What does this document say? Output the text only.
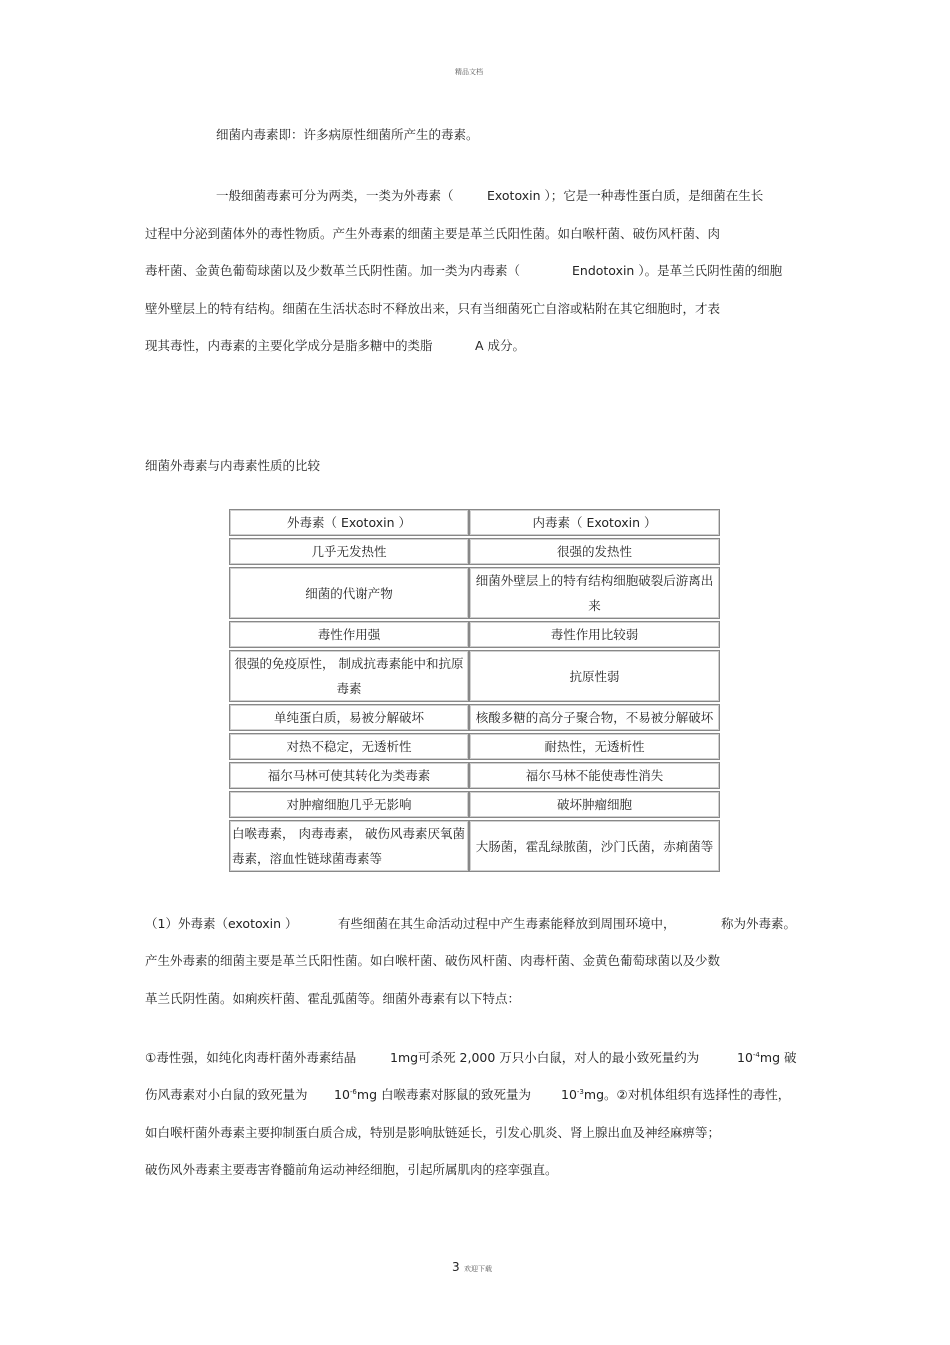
精品文档
细菌内毒素即：许多病原性细菌所产生的毒素。
一般细菌毒素可分为两类，一类为外毒素（	Exotoxin ）；它是一种毒性蛋白质，是细菌在生长
过程中分泌到菌体外的毒性物质。产生外毒素的细菌主要是革兰氏阳性菌。如白喉杆菌、破伤风杆菌、肉
毒杆菌、金黄色葡萄球菌以及少数革兰氏阴性菌。加一类为内毒素（	Endotoxin ）。是革兰氏阴性菌的细胞
壁外壁层上的特有结构。细菌在生活状态时不释放出来，只有当细菌死亡自溶或粘附在其它细胞时，才表
现其毒性，内毒素的主要化学成分是脂多糖中的类脂	A 成分。
细菌外毒素与内毒素性质的比较
外毒素（ Exotoxin ）	内毒素（ Exotoxin ）
几乎无发热性	很强的发热性
细菌的代谢产物	细菌外壁层上的特有结构细胞破裂后游离出来
毒性作用强	毒性作用比较弱
很强的免疫原性， 制成抗毒素能中和抗原毒素	抗原性弱
单纯蛋白质，易被分解破坏	核酸多糖的高分子聚合物，不易被分解破坏
对热不稳定，无透析性	耐热性，无透析性
福尔马林可使其转化为类毒素	福尔马林不能使毒性消失
对肿瘤细胞几乎无影响	破坏肿瘤细胞
白喉毒素， 肉毒毒素， 破伤风毒素厌氧菌毒素，溶血性链球菌毒素等	大肠菌，霍乱绿脓菌，沙门氏菌，赤痢菌等
（1）外毒素（exotoxin ）	有些细菌在其生命活动过程中产生毒素能释放到周围环境中，	称为外毒素。
产生外毒素的细菌主要是革兰氏阳性菌。如白喉杆菌、破伤风杆菌、肉毒杆菌、金黄色葡萄球菌以及少数
革兰氏阴性菌。如痢疾杆菌、霍乱弧菌等。细菌外毒素有以下特点：
①毒性强，如纯化肉毒杆菌外毒素结晶	1mg可杀死 2,000 万只小白鼠，对人的最小致死量约为	$10^{-4}mg$ 破
伤风毒素对小白鼠的致死量为 $10^{-6}mg$ 白喉毒素对豚鼠的致死量为 $10^{-3}mg$。②对机体组织有选择性的毒性，
如白喉杆菌外毒素主要抑制蛋白质合成，特别是影响肽链延长，引发心肌炎、肾上腺出血及神经麻痹等；
破伤风外毒素主要毒害脊髓前角运动神经细胞，引起所属肌肉的痉挛强直。
3 欢迎下载
